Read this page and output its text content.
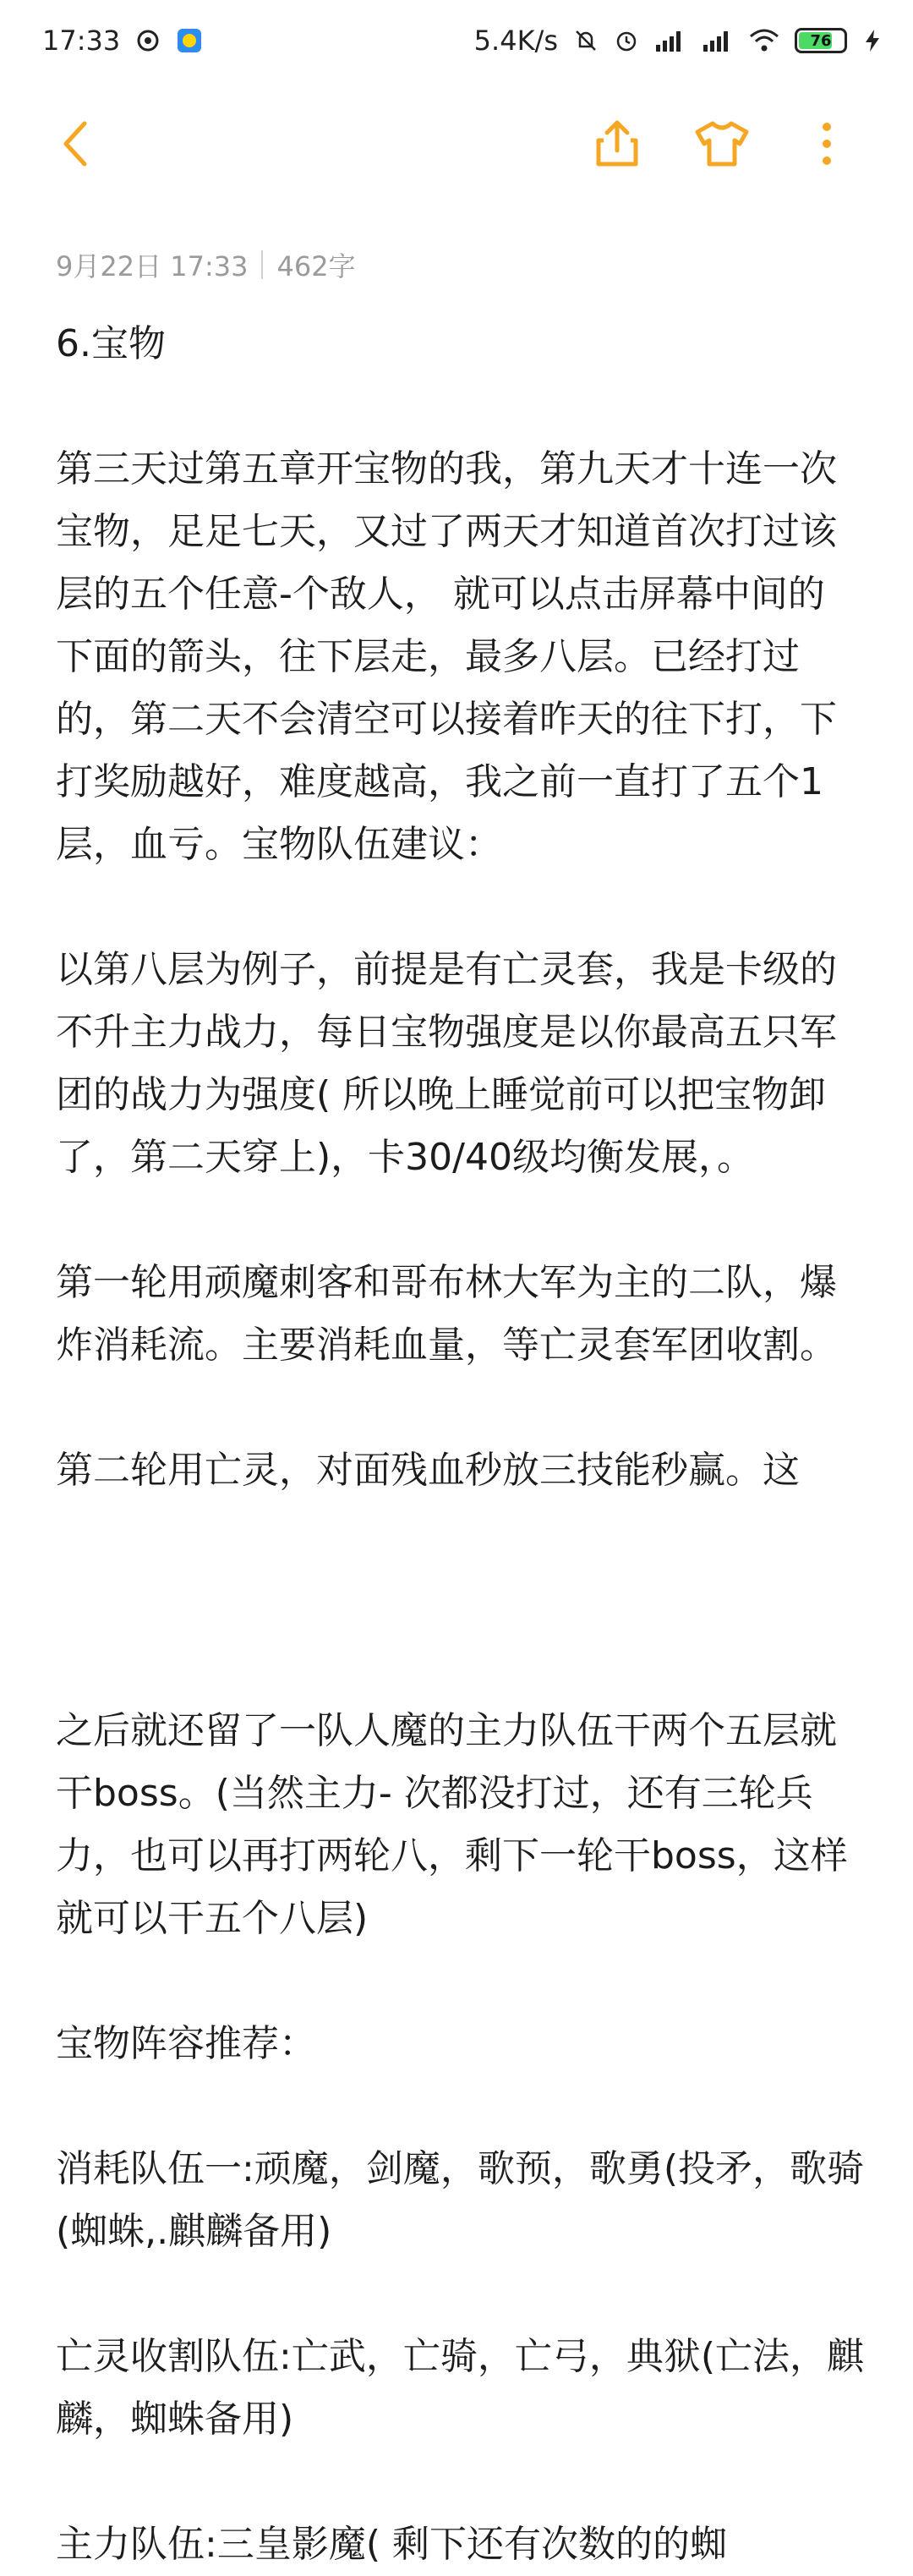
17:33	5.4K/s	76
9月22日 17:33 462字

6.宝物

第三天过第五章开宝物的我，第九天才十连一次宝物，足足七天，又过了两天才知道首次打过该层的五个任意-个敌人， 就可以点击屏幕中间的下面的箭头，往下层走，最多八层。已经打过的，第二天不会清空可以接着昨天的往下打，下打奖励越好，难度越高，我之前一直打了五个1层，血亏。宝物队伍建议：

以第八层为例子，前提是有亡灵套，我是卡级的不升主力战力，每日宝物强度是以你最高五只军团的战力为强度( 所以晚上睡觉前可以把宝物卸了，第二天穿上)，卡30/40级均衡发展，。

第一轮用顽魔刺客和哥布林大军为主的二队，爆炸消耗流。主要消耗血量，等亡灵套军团收割。

第二轮用亡灵，对面残血秒放三技能秒赢。这

之后就还留了一队人魔的主力队伍干两个五层就干boss。(当然主力- 次都没打过，还有三轮兵力，也可以再打两轮八，剩下一轮干boss，这样就可以干五个八层)

宝物阵容推荐：

消耗队伍一:顽魔，剑魔，歌预，歌勇(投矛，歌骑(蜘蛛,.麒麟备用)

亡灵收割队伍:亡武，亡骑，亡弓，典狱(亡法，麒麟，蜘蛛备用)

主力队伍:三皇影魔( 剩下还有次数的的蜘
